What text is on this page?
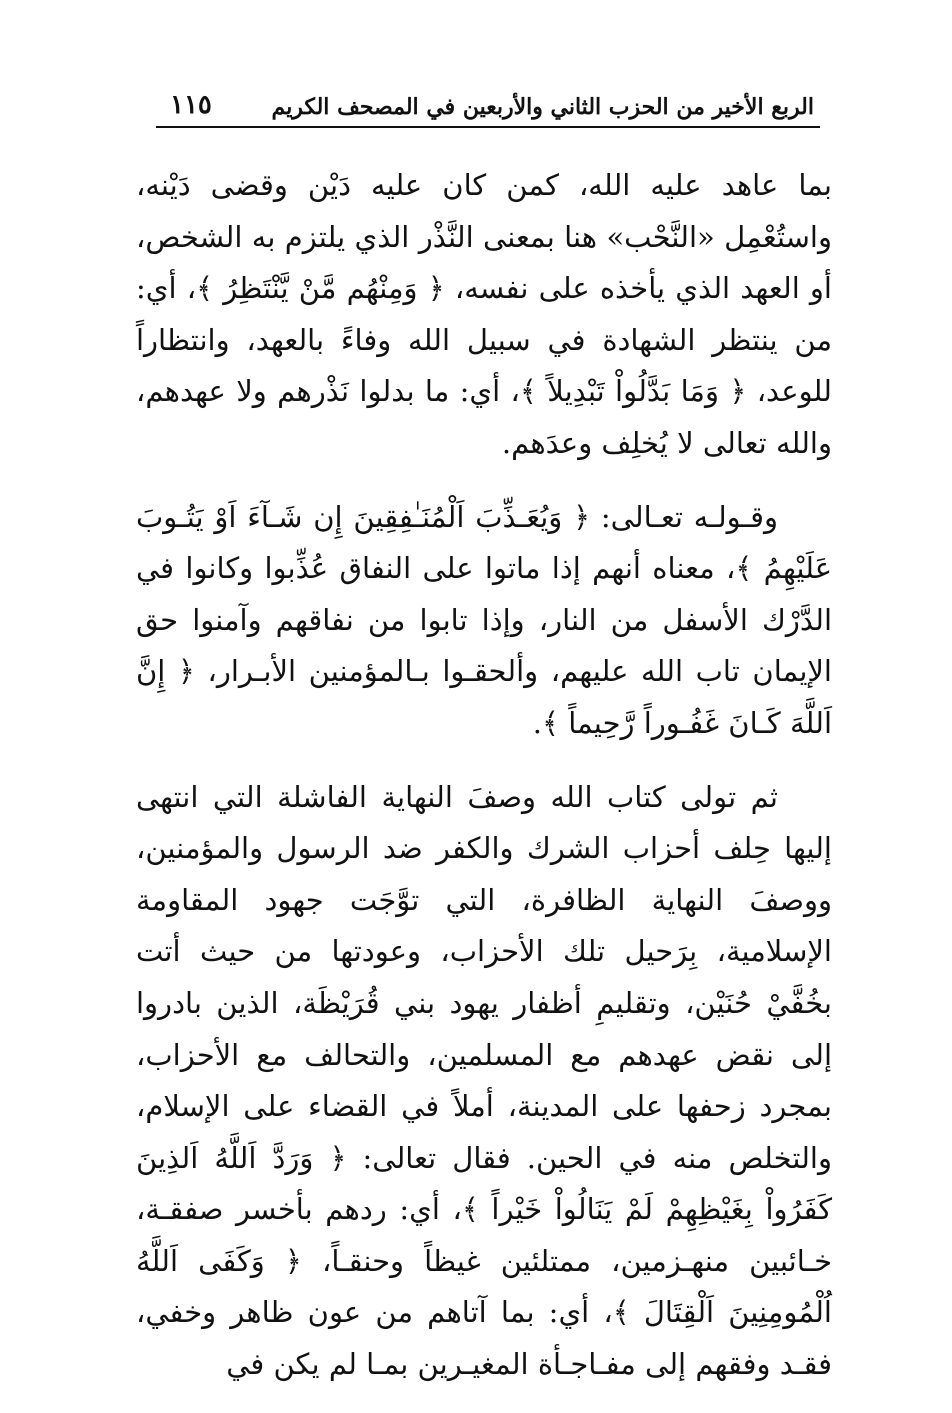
الربع الأخير من الحزب الثاني والأربعين في المصحف الكريم
١١٥

بما عاهد عليه الله، كمن كان عليه دَيْن وقضى دَيْنه، واستُعْمِل «النَّحْب» هنا بمعنى النَّذْر الذي يلتزم به الشخص، أو العهد الذي يأخذه على نفسه، ﴿ وَمِنْهُم مَّنْ يَّنْتَظِرُ ﴾، أي: من ينتظر الشهادة في سبيل الله وفاءً بالعهد، وانتظاراً للوعد، ﴿ وَمَا بَدَّلُواْ تَبْدِيلاً ﴾، أي: ما بدلوا نَذْرهم ولا عهدهم، والله تعالى لا يُخلِف وعدَهم.

وقـولـه تعـالى: ﴿ وَيُعَـذِّبَ اَلْمُنَـٰفِقِينَ إِن شَـآءَ اَوْ يَتُـوبَ عَلَيْهِمُ ﴾، معناه أنهم إذا ماتوا على النفاق عُذِّبوا وكانوا في الدَّرْك الأسفل من النار، وإذا تابوا من نفاقهم وآمنوا حق الإيمان تاب الله عليهم، وألحقـوا بـالمؤمنين الأبـرار، ﴿ إِنَّ اَللَّهَ كَـانَ غَفُـوراً رَّحِيماً ﴾.

ثم تولى كتاب الله وصفَ النهاية الفاشلة التي انتهى إليها حِلف أحزاب الشرك والكفر ضد الرسول والمؤمنين، ووصفَ النهاية الظافرة، التي توَّجَت جهود المقاومة الإسلامية، بِرَحيل تلك الأحزاب، وعودتها من حيث أتت بخُفَّيْ حُنَيْن، وتقليمِ أظفار يهود بني قُرَيْظَة، الذين بادروا إلى نقض عهدهم مع المسلمين، والتحالف مع الأحزاب، بمجرد زحفها على المدينة، أملاً في القضاء على الإسلام، والتخلص منه في الحين. فقال تعالى: ﴿ وَرَدَّ اَللَّهُ اَلذِينَ كَفَرُواْ بِغَيْظِهِمْ لَمْ يَنَالُواْ خَيْراً ﴾، أي: ردهم بأخسر صفقـة، خـائبين منهـزمين، ممتلئين غيظاً وحنقـاً، ﴿ وَكَفَى اَللَّهُ اُلْمُومِنِينَ اَلْقِتَالَ ﴾، أي: بما آتاهم من عون ظاهر وخفي، فقـد وفقهم إلى مفـاجـأة المغيـرين بمـا لم يكن في
